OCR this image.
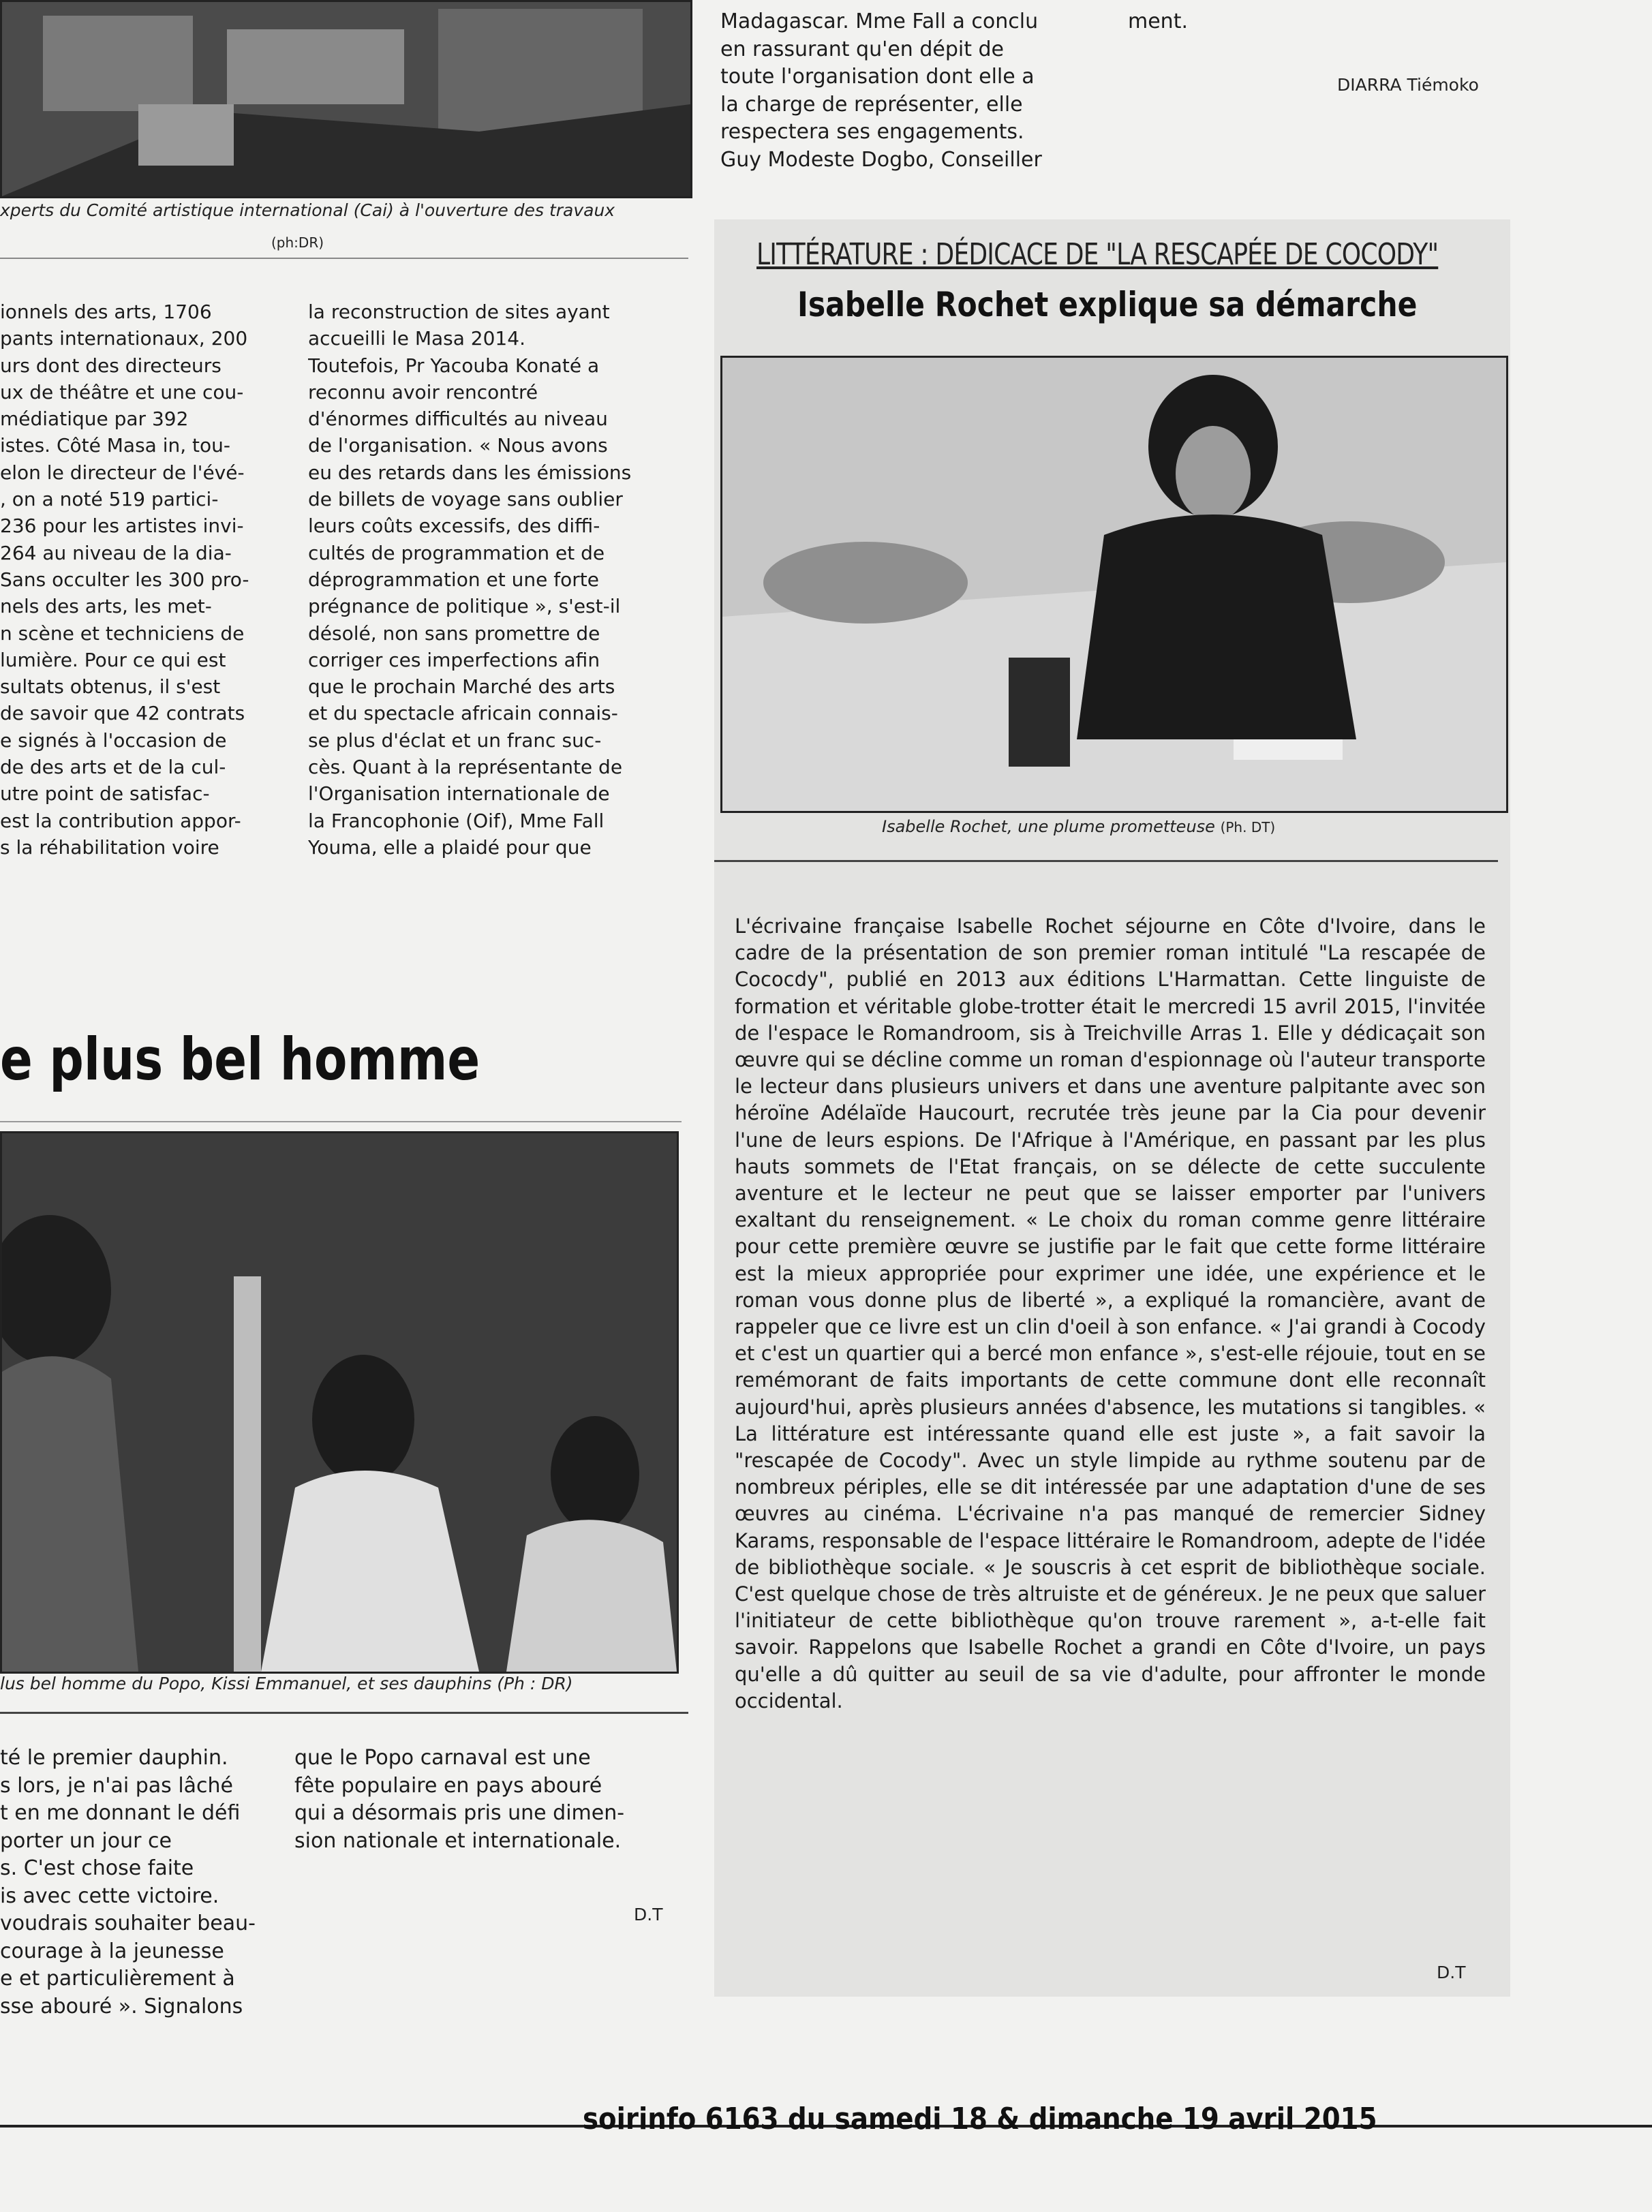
xperts du Comité artistique international (Cai) à l'ouverture des travaux
(ph:DR)
Madagascar. Mme Fall a conclu
en rassurant qu'en dépit de
toute l'organisation dont elle a
la charge de représenter, elle
respectera ses engagements.
Guy Modeste Dogbo, Conseiller
ment.
DIARRA Tiémoko
ionnels des arts, 1706
pants internationaux, 200
urs dont des directeurs
ux de théâtre et une cou-
médiatique par 392
istes. Côté Masa in, tou-
elon le directeur de l'évé-
, on a noté 519 partici-
236 pour les artistes invi-
264 au niveau de la dia-
Sans occulter les 300 pro-
nels des arts, les met-
n scène et techniciens de
lumière. Pour ce qui est
sultats obtenus, il s'est
de savoir que 42 contrats
e signés à l'occasion de
de des arts et de la cul-
utre point de satisfac-
est la contribution appor-
s la réhabilitation voire
la reconstruction de sites ayant
accueilli le Masa 2014.
Toutefois, Pr Yacouba Konaté a
reconnu avoir rencontré
d'énormes difficultés au niveau
de l'organisation. « Nous avons
eu des retards dans les émissions
de billets de voyage sans oublier
leurs coûts excessifs, des diffi-
cultés de programmation et de
déprogrammation et une forte
prégnance de politique », s'est-il
désolé, non sans promettre de
corriger ces imperfections afin
que le prochain Marché des arts
et du spectacle africain connais-
se plus d'éclat et un franc suc-
cès. Quant à la représentante de
l'Organisation internationale de
la Francophonie (Oif), Mme Fall
Youma, elle a plaidé pour que
e plus bel homme
lus bel homme du Popo, Kissi Emmanuel, et ses dauphins (Ph : DR)
té le premier dauphin.
s lors, je n'ai pas lâché
t en me donnant le défi
porter un jour ce
s. C'est chose faite
is avec cette victoire.
voudrais souhaiter beau-
courage à la jeunesse
e et particulièrement à
sse abouré ». Signalons
que le Popo carnaval est une
fête populaire en pays abouré
qui a désormais pris une dimen-
sion nationale et internationale.
D.T
LITTÉRATURE : DÉDICACE DE "LA RESCAPÉE DE COCODY"
Isabelle Rochet explique sa démarche
Isabelle Rochet, une plume prometteuse (Ph. DT)
L'écrivaine française Isabelle Rochet séjourne en Côte d'Ivoire, dans le cadre de la présentation de son premier roman intitulé "La rescapée de Cococdy", publié en 2013 aux éditions L'Harmattan. Cette linguiste de formation et véritable globe-trotter était le mercredi 15 avril 2015, l'invitée de l'espace le Romandroom, sis à Treichville Arras 1. Elle y dédicaçait son œuvre qui se décline comme un roman d'espionnage où l'auteur transporte le lecteur dans plusieurs univers et dans une aventure palpitante avec son héroïne Adélaïde Haucourt, recrutée très jeune par la Cia pour devenir l'une de leurs espions. De l'Afrique à l'Amérique, en passant par les plus hauts sommets de l'Etat français, on se délecte de cette succulente aventure et le lecteur ne peut que se laisser emporter par l'univers exaltant du renseignement. « Le choix du roman comme genre littéraire pour cette première œuvre se justifie par le fait que cette forme littéraire est la mieux appropriée pour exprimer une idée, une expérience et le roman vous donne plus de liberté », a expliqué la romancière, avant de rappeler que ce livre est un clin d'oeil à son enfance. « J'ai grandi à Cocody et c'est un quartier qui a bercé mon enfance », s'est-elle réjouie, tout en se remémorant de faits importants de cette commune dont elle reconnaît aujourd'hui, après plusieurs années d'absence, les mutations si tangibles. « La littérature est intéressante quand elle est juste », a fait savoir la "rescapée de Cocody". Avec un style limpide au rythme soutenu par de nombreux périples, elle se dit intéressée par une adaptation d'une de ses œuvres au cinéma. L'écrivaine n'a pas manqué de remercier Sidney Karams, responsable de l'espace littéraire le Romandroom, adepte de l'idée de bibliothèque sociale. « Je souscris à cet esprit de bibliothèque sociale. C'est quelque chose de très altruiste et de généreux. Je ne peux que saluer l'initiateur de cette bibliothèque qu'on trouve rarement », a-t-elle fait savoir. Rappelons que Isabelle Rochet a grandi en Côte d'Ivoire, un pays qu'elle a dû quitter au seuil de sa vie d'adulte, pour affronter le monde occidental.
D.T
soirinfo 6163 du samedi 18 & dimanche 19 avril 2015
